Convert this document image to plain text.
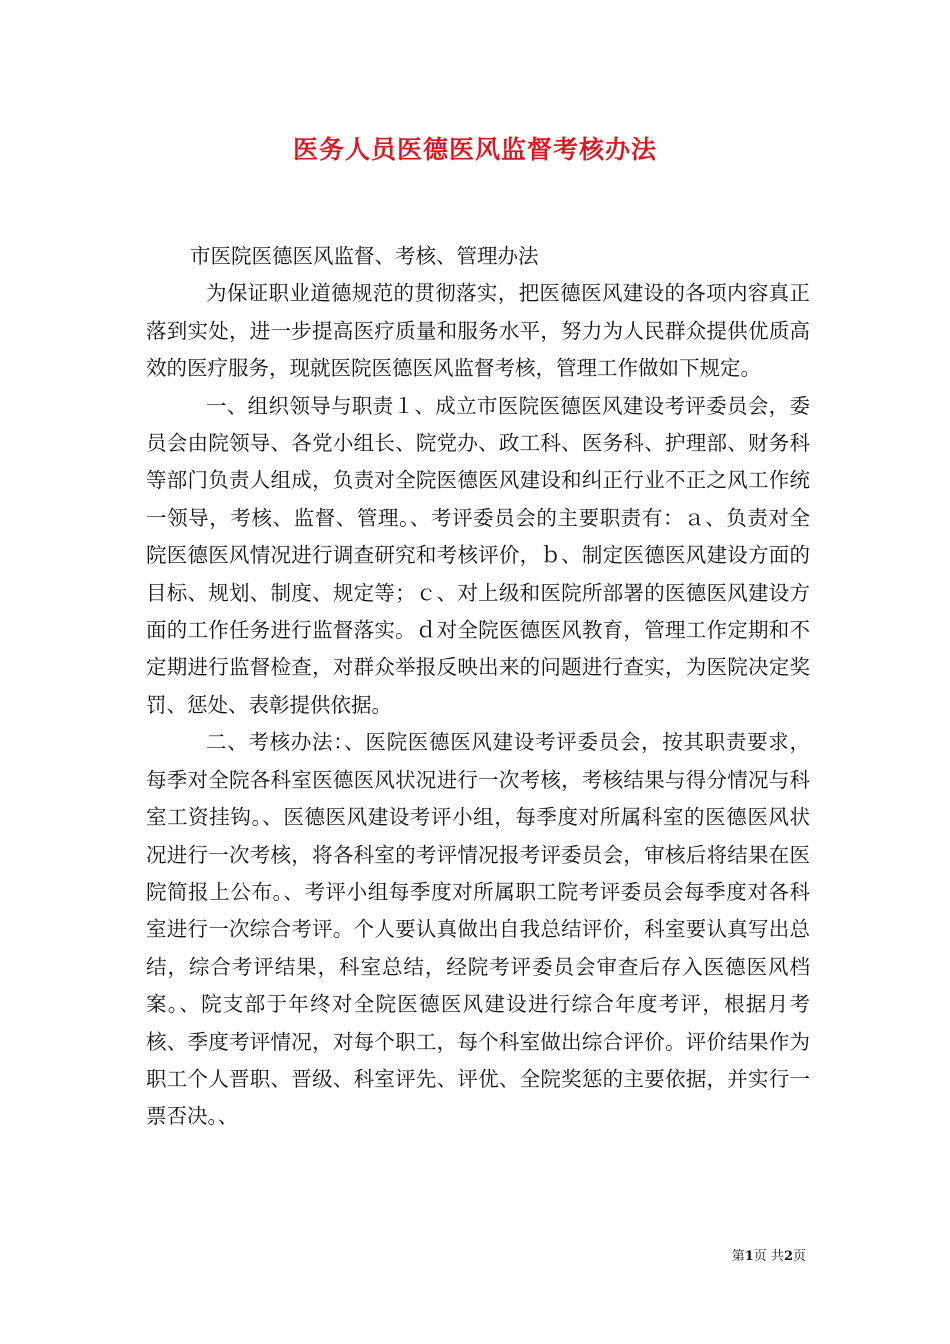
医务人员医德医风监督考核办法

市医院医德医风监督、考核、管理办法

为保证职业道德规范的贯彻落实，把医德医风建设的各项内容真正落到实处，进一步提高医疗质量和服务水平，努力为人民群众提供优质高效的医疗服务，现就医院医德医风监督考核，管理工作做如下规定。

一、组织领导与职责１、成立市医院医德医风建设考评委员会，委员会由院领导、各党小组长、院党办、政工科、医务科、护理部、财务科等部门负责人组成，负责对全院医德医风建设和纠正行业不正之风工作统一领导，考核、监督、管理。、考评委员会的主要职责有：ａ、负责对全院医德医风情况进行调查研究和考核评价，ｂ、制定医德医风建设方面的目标、规划、制度、规定等；ｃ、对上级和医院所部署的医德医风建设方面的工作任务进行监督落实。ｄ对全院医德医风教育，管理工作定期和不定期进行监督检查，对群众举报反映出来的问题进行查实，为医院决定奖罚、惩处、表彰提供依据。

二、考核办法：、医院医德医风建设考评委员会，按其职责要求，每季对全院各科室医德医风状况进行一次考核，考核结果与得分情况与科室工资挂钩。、医德医风建设考评小组，每季度对所属科室的医德医风状况进行一次考核，将各科室的考评情况报考评委员会，审核后将结果在医院简报上公布。、考评小组每季度对所属职工院考评委员会每季度对各科室进行一次综合考评。个人要认真做出自我总结评价，科室要认真写出总结，综合考评结果，科室总结，经院考评委员会审查后存入医德医风档案。、院支部于年终对全院医德医风建设进行综合年度考评，根据月考核、季度考评情况，对每个职工，每个科室做出综合评价。评价结果作为职工个人晋职、晋级、科室评先、评优、全院奖惩的主要依据，并实行一票否决。、

第1页 共2页
